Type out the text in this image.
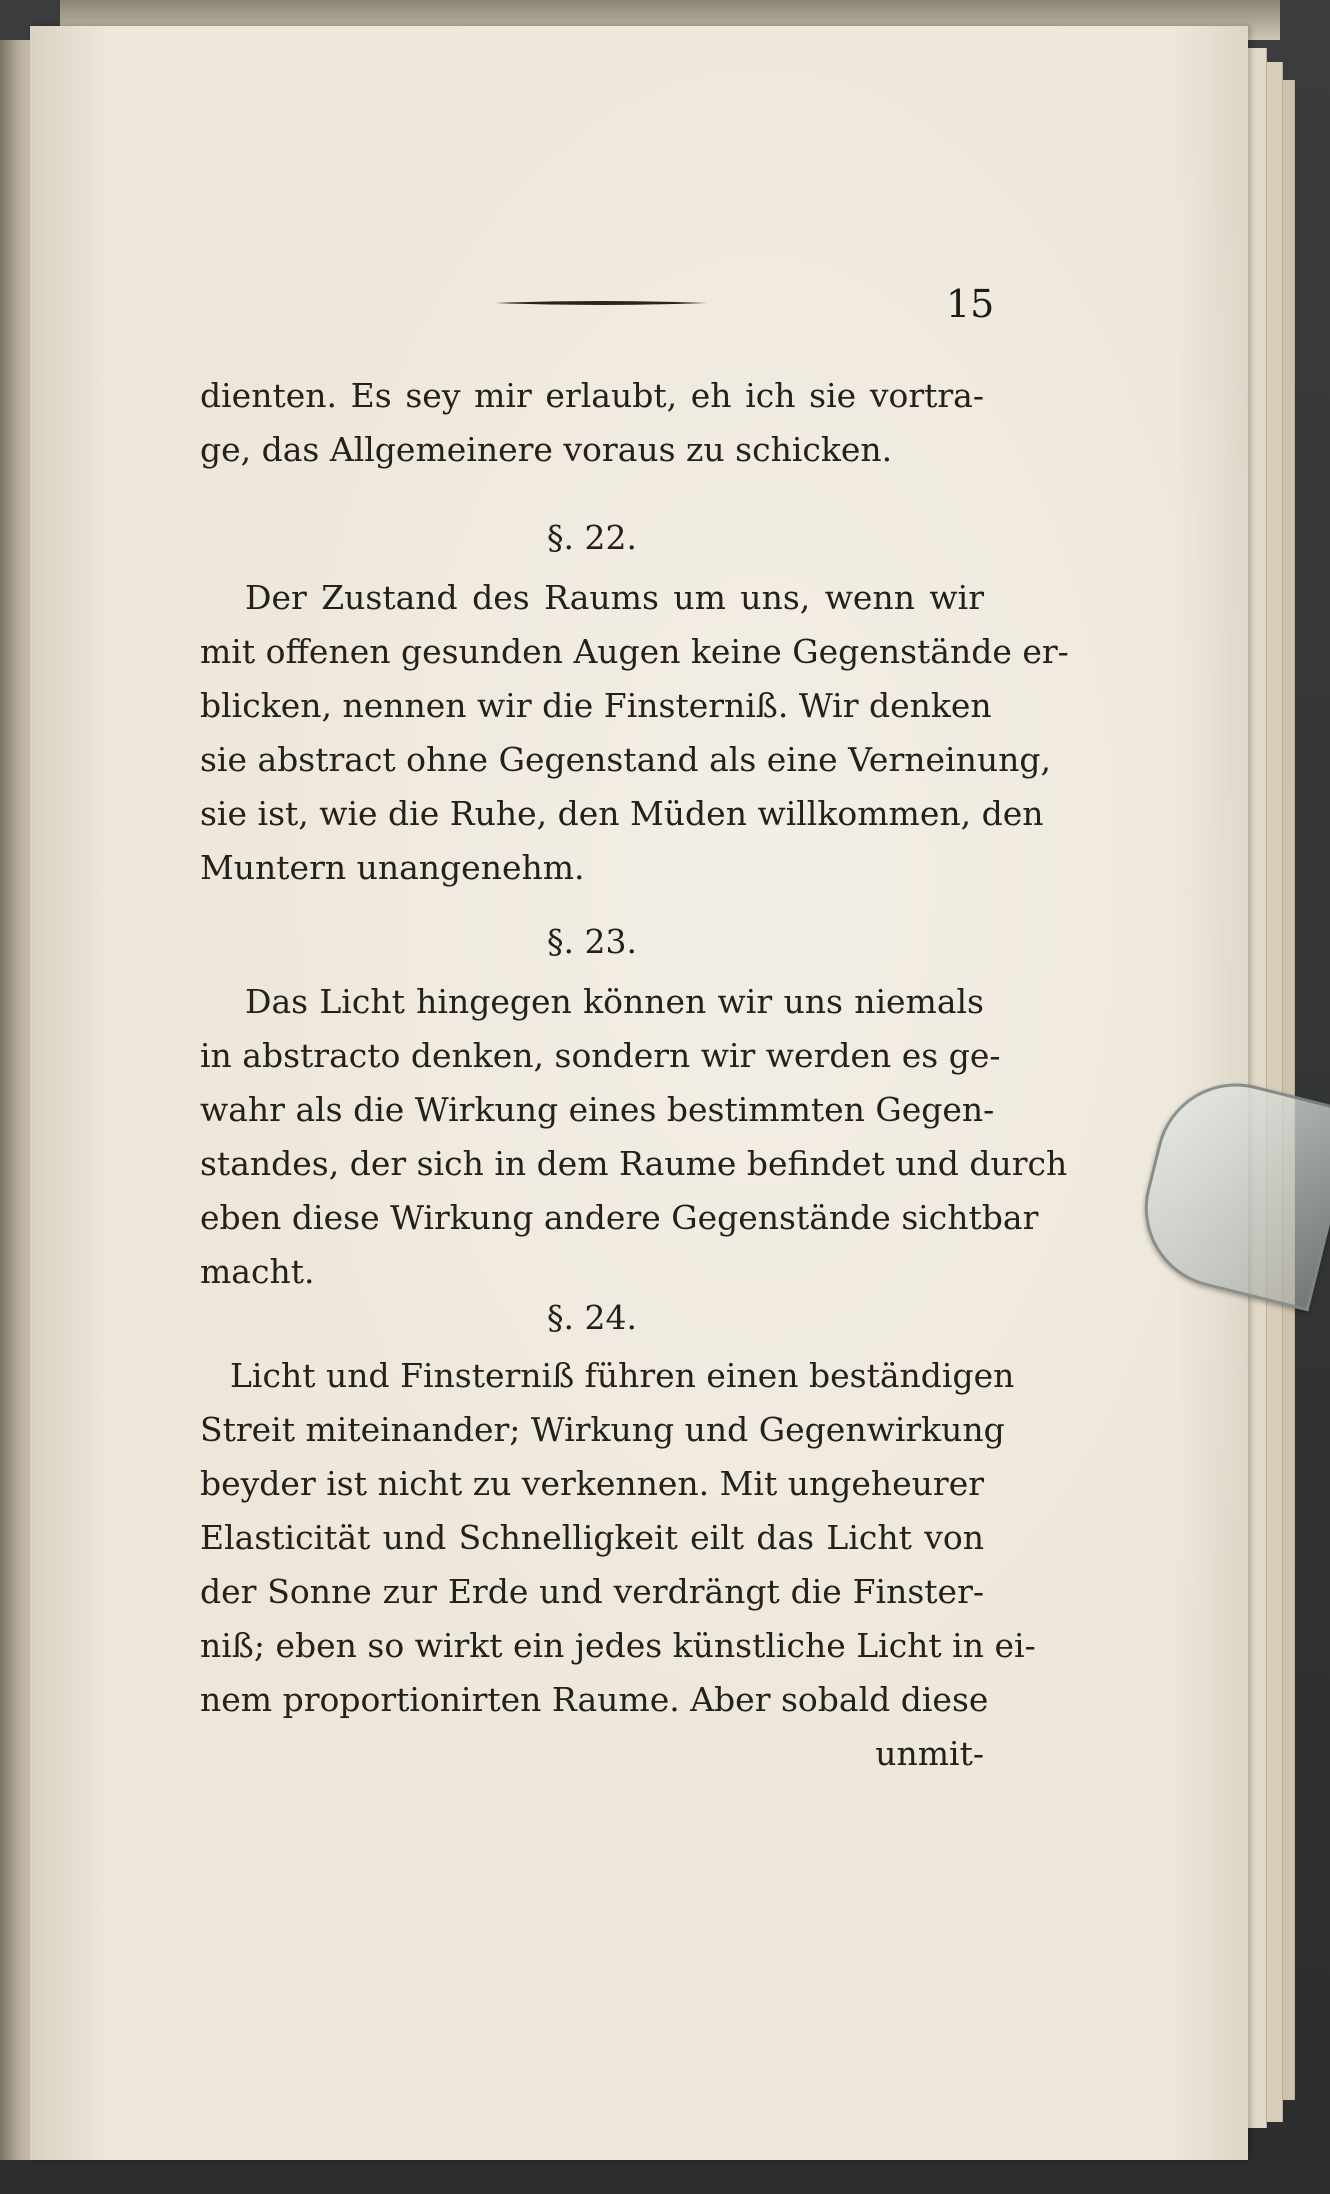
15
dienten. Es sey mir erlaubt, eh ich sie vortra-
ge, das Allgemeinere voraus zu schicken.
§. 22.
Der Zustand des Raums um uns, wenn wir
mit offenen gesunden Augen keine Gegenstände er-
blicken, nennen wir die Finsterniß. Wir denken
sie abstract ohne Gegenstand als eine Verneinung,
sie ist, wie die Ruhe, den Müden willkommen, den
Muntern unangenehm.
§. 23.
Das Licht hingegen können wir uns niemals
in abstracto denken, sondern wir werden es ge-
wahr als die Wirkung eines bestimmten Gegen-
standes, der sich in dem Raume befindet und durch
eben diese Wirkung andere Gegenstände sichtbar
macht.
§. 24.
Licht und Finsterniß führen einen beständigen
Streit miteinander; Wirkung und Gegenwirkung
beyder ist nicht zu verkennen. Mit ungeheurer
Elasticität und Schnelligkeit eilt das Licht von
der Sonne zur Erde und verdrängt die Finster-
niß; eben so wirkt ein jedes künstliche Licht in ei-
nem proportionirten Raume. Aber sobald diese
unmit-
